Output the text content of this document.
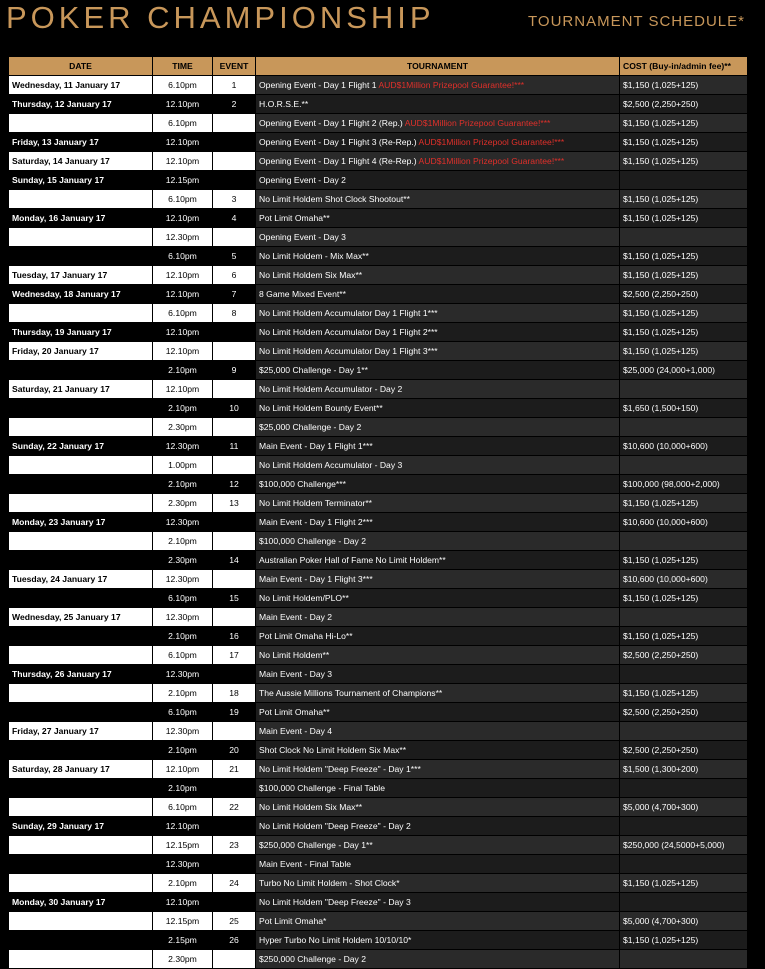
POKER CHAMPIONSHIP	TOURNAMENT SCHEDULE*
DATE	TIME	EVENT	TOURNAMENT	COST (Buy-in/admin fee)**
Wednesday, 11 January 17	6.10pm	1	Opening Event - Day 1 Flight 1 AUD$1Million Prizepool Guarantee!***	$1,150 (1,025+125)
Thursday, 12 January 17	12.10pm	2	H.O.R.S.E.**	$2,500 (2,250+250)
	6.10pm		Opening Event - Day 1 Flight 2 (Rep.) AUD$1Million Prizepool Guarantee!***	$1,150 (1,025+125)
Friday, 13 January 17	12.10pm		Opening Event - Day 1 Flight 3 (Re-Rep.) AUD$1Million Prizepool Guarantee!***	$1,150 (1,025+125)
Saturday, 14 January 17	12.10pm		Opening Event - Day 1 Flight 4 (Re-Rep.) AUD$1Million Prizepool Guarantee!***	$1,150 (1,025+125)
Sunday, 15 January 17	12.15pm		Opening Event - Day 2	
	6.10pm	3	No Limit Holdem Shot Clock Shootout**	$1,150 (1,025+125)
Monday, 16 January 17	12.10pm	4	Pot Limit Omaha**	$1,150 (1,025+125)
	12.30pm		Opening Event - Day 3	
	6.10pm	5	No Limit Holdem - Mix Max**	$1,150 (1,025+125)
Tuesday, 17 January 17	12.10pm	6	No Limit Holdem Six Max**	$1,150 (1,025+125)
Wednesday, 18 January 17	12.10pm	7	8 Game Mixed Event**	$2,500 (2,250+250)
	6.10pm	8	No Limit Holdem Accumulator Day 1 Flight 1***	$1,150 (1,025+125)
Thursday, 19 January 17	12.10pm		No Limit Holdem Accumulator Day 1 Flight 2***	$1,150 (1,025+125)
Friday, 20 January 17	12.10pm		No Limit Holdem Accumulator Day 1 Flight 3***	$1,150 (1,025+125)
	2.10pm	9	$25,000 Challenge - Day 1**	$25,000 (24,000+1,000)
Saturday, 21 January 17	12.10pm		No Limit Holdem Accumulator - Day 2	
	2.10pm	10	No Limit Holdem Bounty Event**	$1,650 (1,500+150)
	2.30pm		$25,000 Challenge - Day 2	
Sunday, 22 January 17	12.30pm	11	Main Event - Day 1 Flight 1***	$10,600 (10,000+600)
	1.00pm		No Limit Holdem Accumulator - Day 3	
	2.10pm	12	$100,000 Challenge***	$100,000 (98,000+2,000)
	2.30pm	13	No Limit Holdem Terminator**	$1,150 (1,025+125)
Monday, 23 January 17	12.30pm		Main Event - Day 1 Flight 2***	$10,600 (10,000+600)
	2.10pm		$100,000 Challenge - Day 2	
	2.30pm	14	Australian Poker Hall of Fame No Limit Holdem**	$1,150 (1,025+125)
Tuesday, 24 January 17	12.30pm		Main Event - Day 1 Flight 3***	$10,600 (10,000+600)
	6.10pm	15	No Limit Holdem/PLO**	$1,150 (1,025+125)
Wednesday, 25 January 17	12.30pm		Main Event - Day 2	
	2.10pm	16	Pot Limit Omaha Hi-Lo**	$1,150 (1,025+125)
	6.10pm	17	No Limit Holdem**	$2,500 (2,250+250)
Thursday, 26 January 17	12.30pm		Main Event - Day 3	
	2.10pm	18	The Aussie Millions Tournament of Champions**	$1,150 (1,025+125)
	6.10pm	19	Pot Limit Omaha**	$2,500 (2,250+250)
Friday, 27 January 17	12.30pm		Main Event - Day 4	
	2.10pm	20	Shot Clock No Limit Holdem Six Max**	$2,500 (2,250+250)
Saturday, 28 January 17	12.10pm	21	No Limit Holdem "Deep Freeze" - Day 1***	$1,500 (1,300+200)
	2.10pm		$100,000 Challenge - Final Table	
	6.10pm	22	No Limit Holdem Six Max**	$5,000 (4,700+300)
Sunday, 29 January 17	12.10pm		No Limit Holdem "Deep Freeze" - Day 2	
	12.15pm	23	$250,000 Challenge - Day 1**	$250,000 (24,5000+5,000)
	12.30pm		Main Event - Final Table	
	2.10pm	24	Turbo No Limit Holdem - Shot Clock*	$1,150 (1,025+125)
Monday, 30 January 17	12.10pm		No Limit Holdem "Deep Freeze" - Day 3	
	12.15pm	25	Pot Limit Omaha*	$5,000 (4,700+300)
	2.15pm	26	Hyper Turbo No Limit Holdem 10/10/10*	$1,150 (1,025+125)
	2.30pm		$250,000 Challenge - Day 2	
